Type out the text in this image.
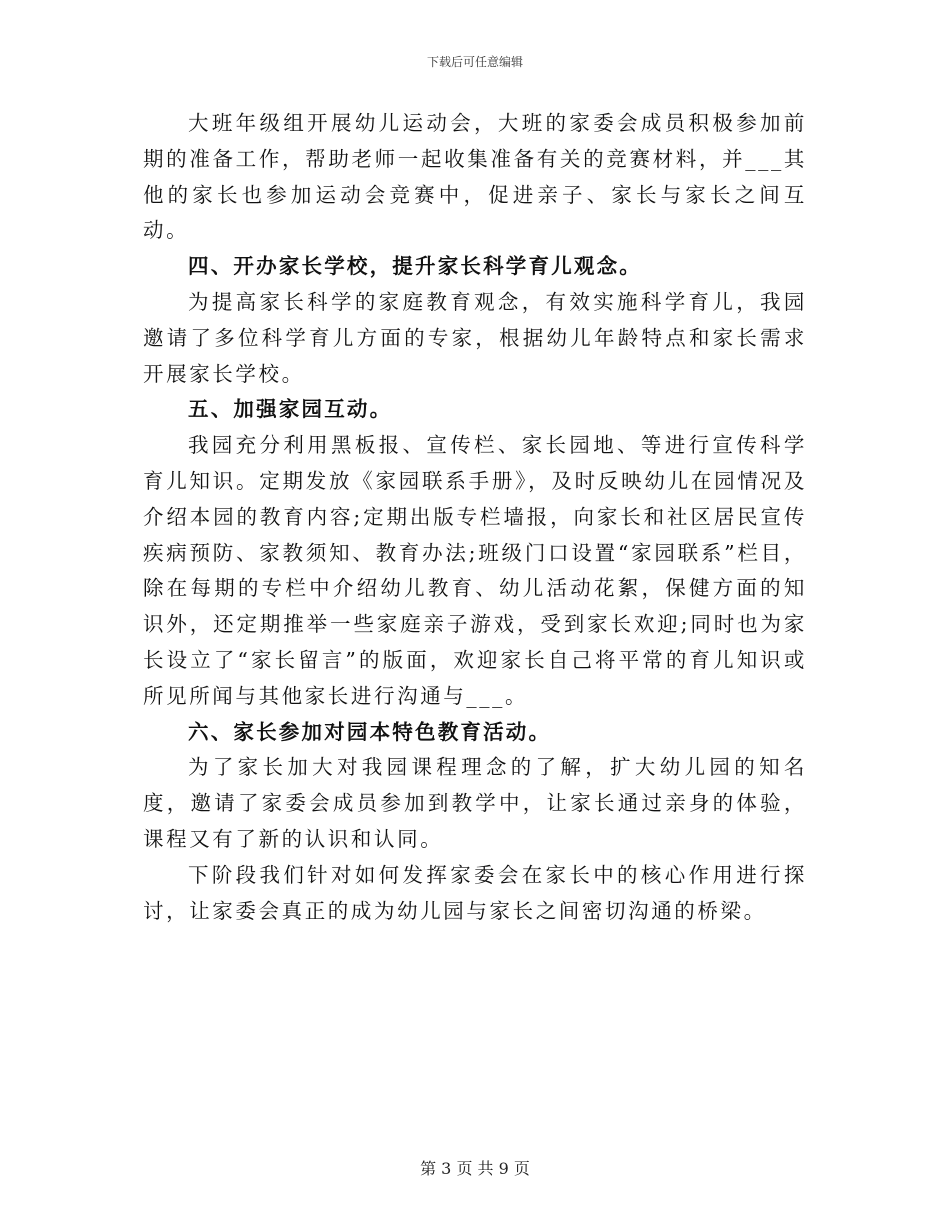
下载后可任意编辑

大班年级组开展幼儿运动会，大班的家委会成员积极参加前期的准备工作，帮助老师一起收集准备有关的竞赛材料，并___其他的家长也参加运动会竞赛中，促进亲子、家长与家长之间互动。

四、开办家长学校，提升家长科学育儿观念。

为提高家长科学的家庭教育观念，有效实施科学育儿，我园邀请了多位科学育儿方面的专家，根据幼儿年龄特点和家长需求开展家长学校。

五、加强家园互动。

我园充分利用黑板报、宣传栏、家长园地、等进行宣传科学育儿知识。定期发放《家园联系手册》，及时反映幼儿在园情况及介绍本园的教育内容;定期出版专栏墙报，向家长和社区居民宣传疾病预防、家教须知、教育办法;班级门口设置“家园联系”栏目，除在每期的专栏中介绍幼儿教育、幼儿活动花絮，保健方面的知识外，还定期推举一些家庭亲子游戏，受到家长欢迎;同时也为家长设立了“家长留言”的版面，欢迎家长自己将平常的育儿知识或所见所闻与其他家长进行沟通与___。

六、家长参加对园本特色教育活动。

为了家长加大对我园课程理念的了解，扩大幼儿园的知名度，邀请了家委会成员参加到教学中，让家长通过亲身的体验，课程又有了新的认识和认同。

下阶段我们针对如何发挥家委会在家长中的核心作用进行探讨，让家委会真正的成为幼儿园与家长之间密切沟通的桥梁。

第 3 页 共 9 页
